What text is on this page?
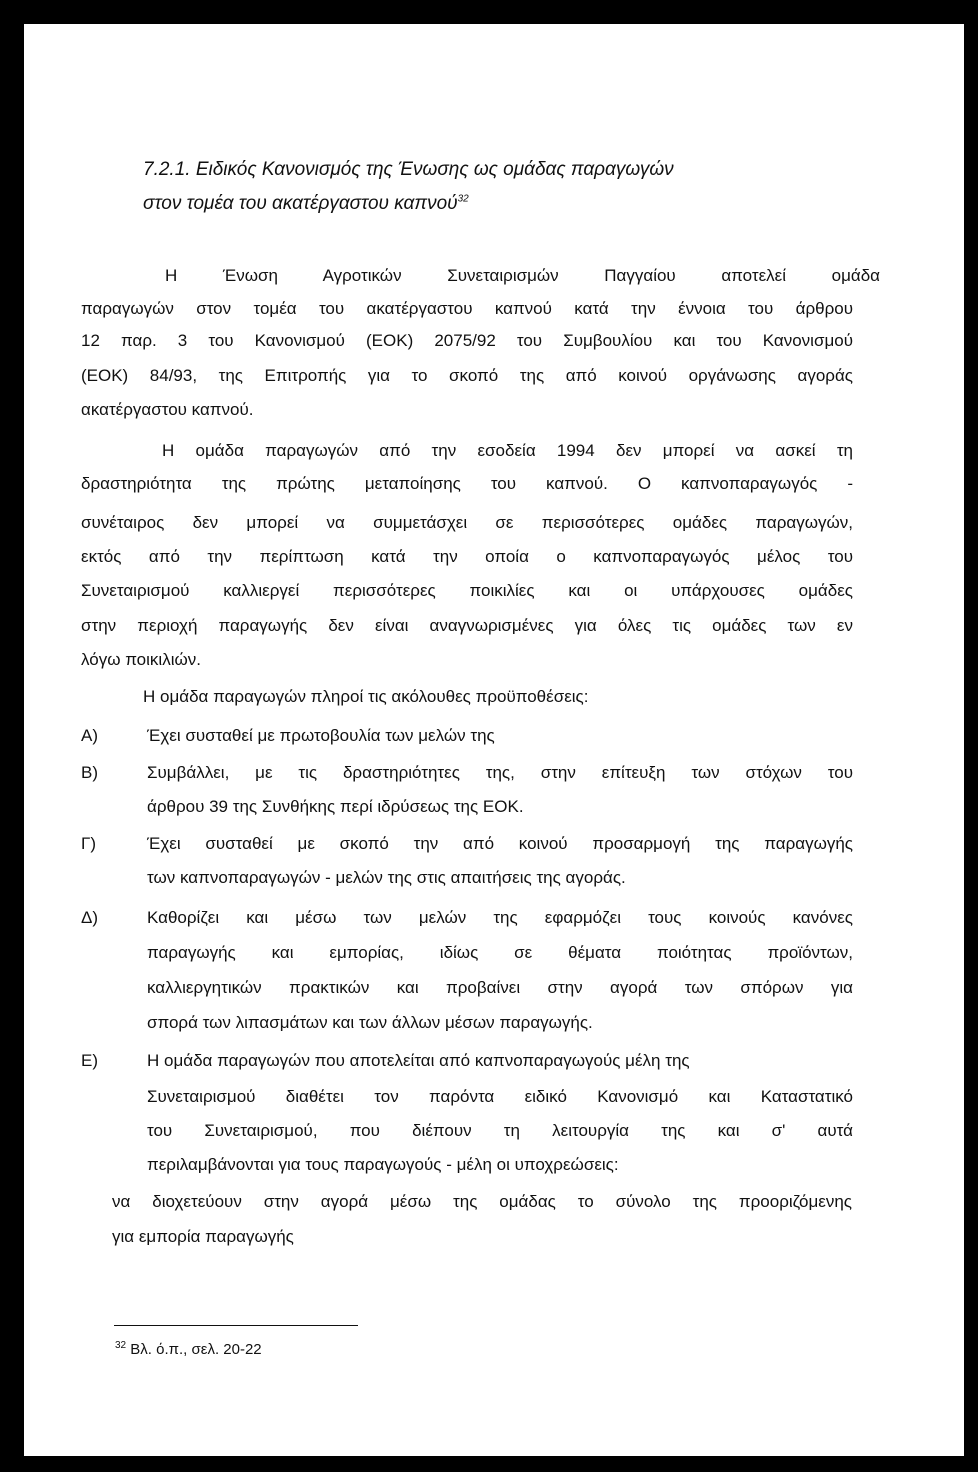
7.2.1. Ειδικός Κανονισμός της Ένωσης ως ομάδας παραγωγών
στον τομέα του ακατέργαστου καπνού$^{32}$
Η Ένωση Αγροτικών Συνεταιρισμών Παγγαίου αποτελεί ομάδα
παραγωγών στον τομέα του ακατέργαστου καπνού κατά την έννοια του άρθρου
12 παρ. 3 του Κανονισμού (ΕΟΚ) 2075/92 του Συμβουλίου και του Κανονισμού
(ΕΟΚ) 84/93, της Επιτροπής για το σκοπό της από κοινού οργάνωσης αγοράς
ακατέργαστου καπνού.
Η ομάδα παραγωγών από την εσοδεία 1994 δεν μπορεί να ασκεί τη
δραστηριότητα της πρώτης μεταποίησης του καπνού. Ο καπνοπαραγωγός -
συνέταιρος δεν μπορεί να συμμετάσχει σε περισσότερες ομάδες παραγωγών,
εκτός από την περίπτωση κατά την οποία ο καπνοπαραγωγός μέλος του
Συνεταιρισμού καλλιεργεί περισσότερες ποικιλίες και οι υπάρχουσες ομάδες
στην περιοχή παραγωγής δεν είναι αναγνωρισμένες για όλες τις ομάδες των εν
λόγω ποικιλιών.
Η ομάδα παραγωγών πληροί τις ακόλουθες προϋποθέσεις:
Α)	Έχει συσταθεί με πρωτοβουλία των μελών της
Β)	Συμβάλλει, με τις δραστηριότητες της, στην επίτευξη των στόχων του
άρθρου 39 της Συνθήκης περί ιδρύσεως της ΕΟΚ.
Γ)	Έχει συσταθεί με σκοπό την από κοινού προσαρμογή της παραγωγής
των καπνοπαραγωγών - μελών της στις απαιτήσεις της αγοράς.
Δ)	Καθορίζει και μέσω των μελών της εφαρμόζει τους κοινούς κανόνες
παραγωγής και εμπορίας, ιδίως σε θέματα ποιότητας προϊόντων,
καλλιεργητικών πρακτικών και προβαίνει στην αγορά των σπόρων για
σπορά των λιπασμάτων και των άλλων μέσων παραγωγής.
Ε)	Η ομάδα παραγωγών που αποτελείται από καπνοπαραγωγούς μέλη της
Συνεταιρισμού διαθέτει τον παρόντα ειδικό Κανονισμό και Καταστατικό
του Συνεταιρισμού, που διέπουν τη λειτουργία της και σ' αυτά
περιλαμβάνονται για τους παραγωγούς - μέλη οι υποχρεώσεις:
να διοχετεύουν στην αγορά μέσω της ομάδας το σύνολο της προοριζόμενης
για εμπορία παραγωγής
$^{32}$ Βλ. ό.π., σελ. 20-22
